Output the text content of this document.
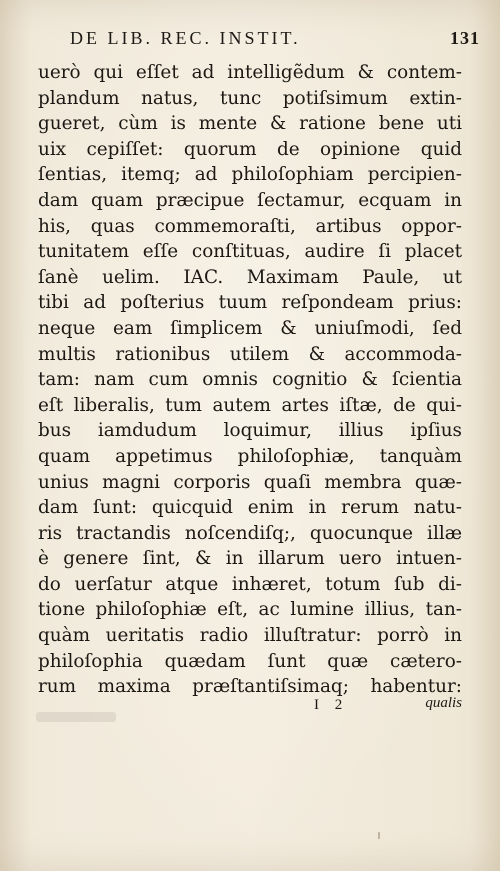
DE LIB. REC. INSTIT.	131
uerò qui eſſet ad intelligẽdum & contem-
plandum natus, tunc potiſsimum extin-
gueret, cùm is mente & ratione bene uti
uix cepiſſet: quorum de opinione quid
ſentias, itemq; ad philoſophiam percipien-
dam quam præcipue ſectamur, ecquam in
his, quas commemoraſti, artibus oppor-
tunitatem eſſe conſtituas, audire ſi placet
ſanè uelim. IAC. Maximam Paule, ut
tibi ad poſterius tuum reſpondeam prius:
neque eam ſimplicem & uniuſmodi, ſed
multis rationibus utilem & accommoda-
tam: nam cum omnis cognitio & ſcientia
eſt liberalis, tum autem artes iſtæ, de qui-
bus iamdudum loquimur, illius ipſius
quam appetimus philoſophiæ, tanquàm
unius magni corporis quaſi membra quæ-
dam ſunt: quicquid enim in rerum natu-
ris tractandis noſcendiſq;, quocunque illæ
è genere ſint, & in illarum uero intuen-
do uerſatur atque inhæret, totum ſub di-
tione philoſophiæ eſt, ac lumine illius, tan-
quàm ueritatis radio illuſtratur: porrò in
philoſophia quædam ſunt quæ cætero-
rum maxima præſtantiſsimaq; habentur:
I 2	qualis
